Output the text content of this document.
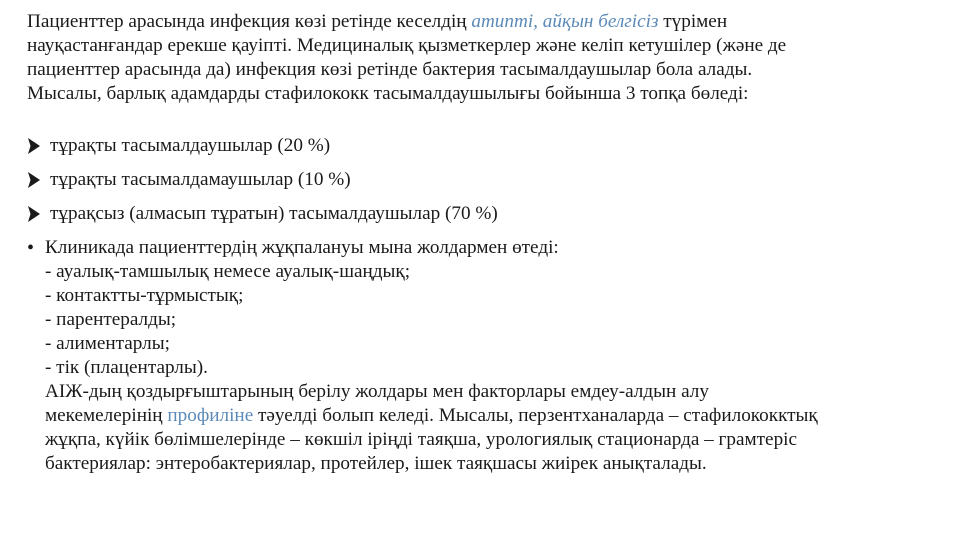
Пациенттер арасында инфекция көзі ретінде кеселдің атипті, айқын белгісіз түрімен
науқастанғандар ерекше қауіпті. Медициналық қызметкерлер және келіп кетушілер (және де
пациенттер арасында да) инфекция көзі ретінде бактерия тасымалдаушылар бола алады.
Мысалы, барлық адамдарды стафилококк тасымалдаушылығы бойынша 3 топқа бөледі:
тұрақты тасымалдаушылар (20 %)
тұрақты тасымалдамаушылар (10 %)
тұрақсыз (алмасып тұратын) тасымалдаушылар (70 %)
• Клиникада пациенттердің жұқпалануы мына жолдармен өтеді:
- ауалық-тамшылық немесе ауалық-шаңдық;
- контактты-тұрмыстық;
- парентералды;
- алиментарлы;
- тік (плацентарлы).
АІЖ-дың қоздырғыштарының берілу жолдары мен факторлары емдеу-алдын алу
мекемелерінің профиліне тәуелді болып келеді. Мысалы, перзентханаларда – стафилококктық
жұқпа, күйік бөлімшелерінде – көкшіл іріңді таяқша, урологиялық стационарда – грамтеріс
бактериялар: энтеробактериялар, протейлер, ішек таяқшасы жиірек анықталады.
